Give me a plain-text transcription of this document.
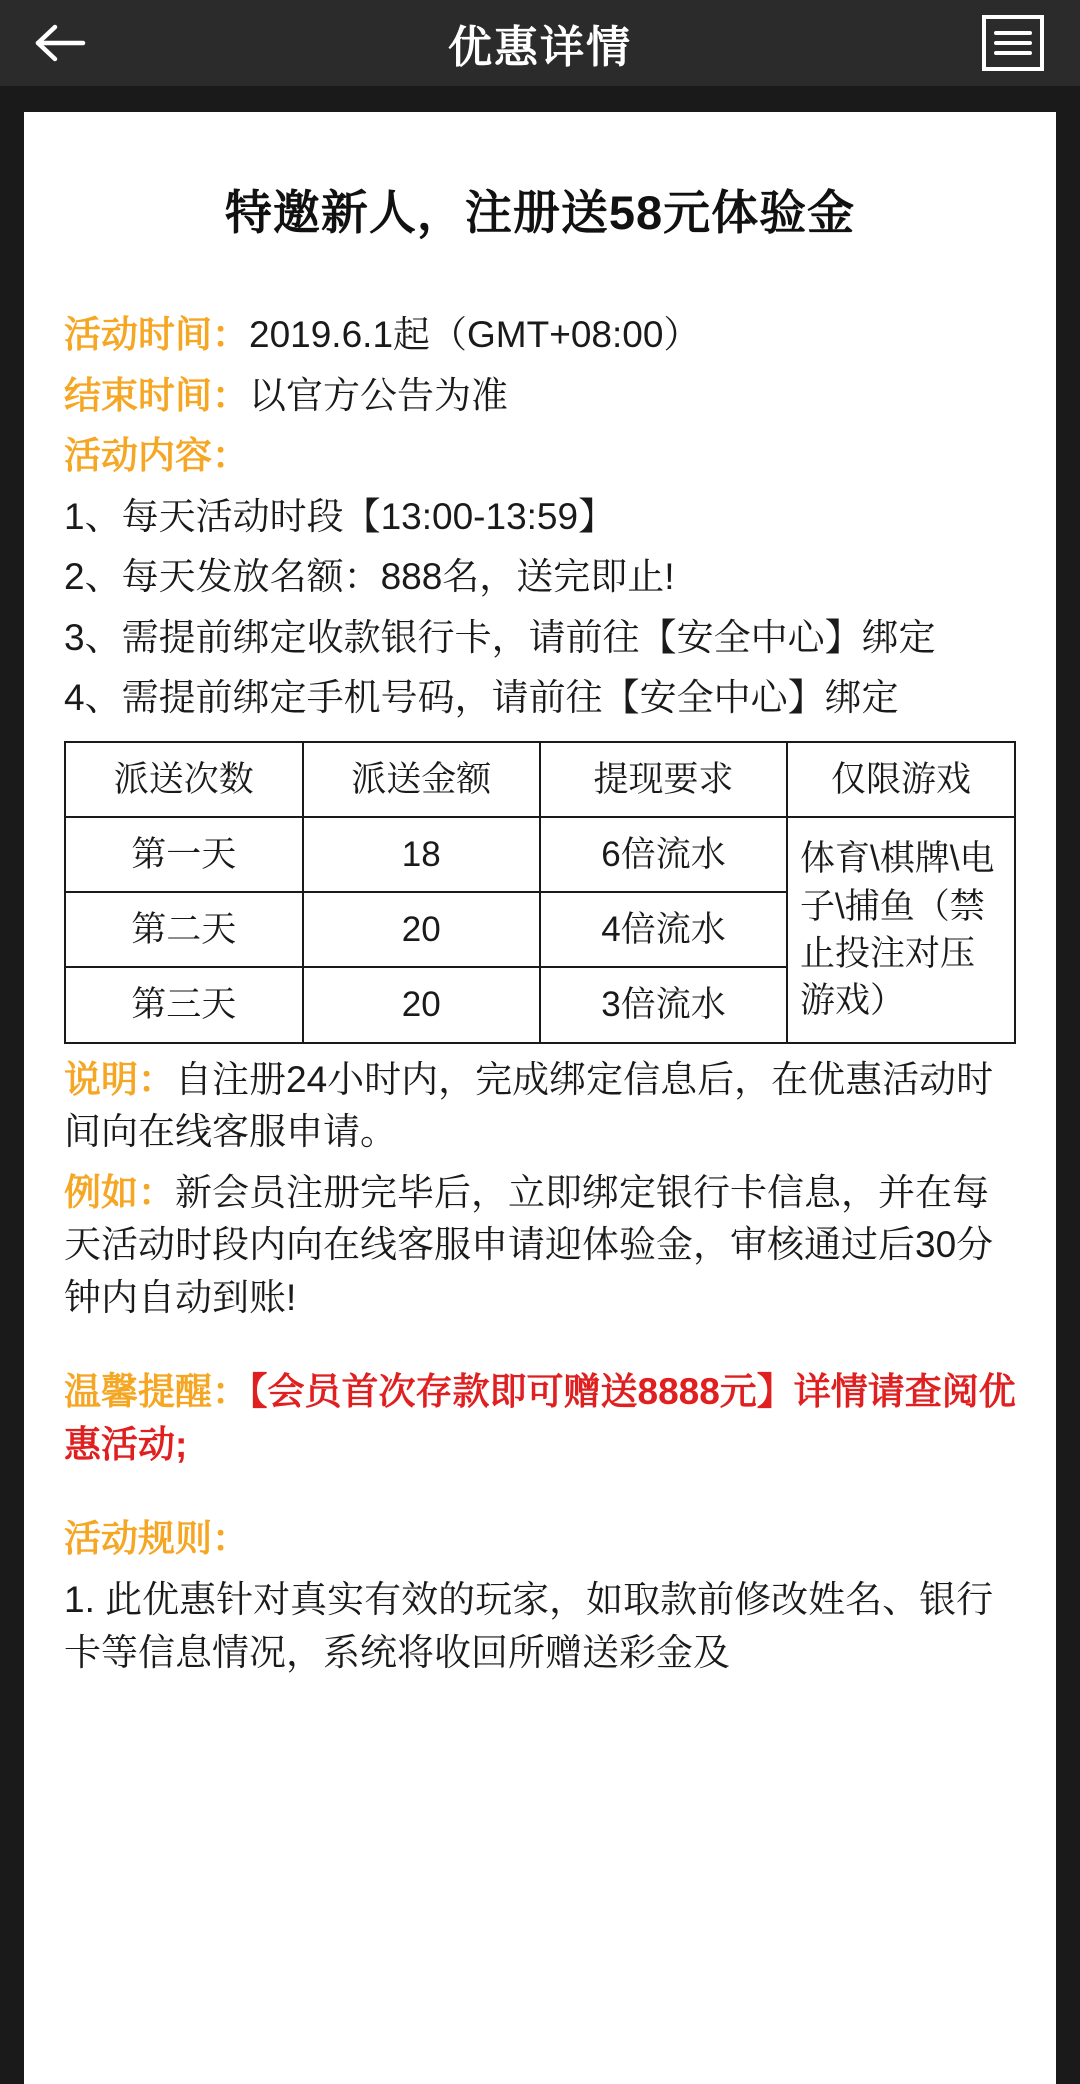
优惠详情
特邀新人，注册送58元体验金
活动时间：2019.6.1起（GMT+08:00）
结束时间：以官方公告为准
活动内容：
1、每天活动时段【13:00-13:59】
2、每天发放名额：888名，送完即止!
3、需提前绑定收款银行卡，请前往【安全中心】绑定
4、需提前绑定手机号码，请前往【安全中心】绑定
派送次数	派送金额	提现要求	仅限游戏
第一天	18	6倍流水	体育\棋牌\电子\捕鱼（禁止投注对压游戏）
第二天	20	4倍流水	
第三天	20	3倍流水	
说明：自注册24小时内，完成绑定信息后，在优惠活动时间向在线客服申请。
例如：新会员注册完毕后，立即绑定银行卡信息，并在每天活动时段内向在线客服申请迎体验金，审核通过后30分钟内自动到账!
温馨提醒：【会员首次存款即可赠送8888元】详情请查阅优惠活动;
活动规则：
1. 此优惠针对真实有效的玩家，如取款前修改姓名、银行卡等信息情况，系统将收回所赠送彩金及
